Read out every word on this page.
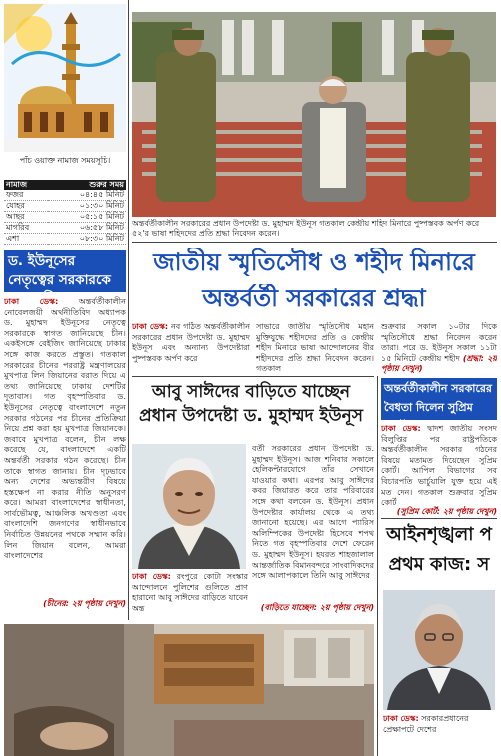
পাঁচ ওয়াক্ত নামাজ সময়সূচি।
নামাজ	শুরুর সময়
ফজর	০৪:৪৫ মিনিট
যোহর	০১:৩০ মিনিট
আছর	০৫:১৫ মিনিট
মাগরিব	০৬:৫৮ মিনিট
এশা	০৮:৩০ মিনিট
ড. ইউনূসের নেতৃত্বের সরকারকে
ঢাকা ডেস্ক: অন্তর্বর্তীকালীন নোবেলজয়ী অর্থনীতিবিদ অধ্যাপক ড. মুহাম্মদ ইউনূসের নেতৃত্বে সরকারকে স্বাগত জানিয়েছে চীন। একইসঙ্গে বেইজিং জানিয়েছে ঢাকার সঙ্গে কাজ করতে প্রস্তুত। গতকাল সরকারের চীনের পররাষ্ট্র মন্ত্রণালয়ের মুখপাত্র লিন জিয়ানের বরাত দিয়ে এ তথ্য জানিয়েছে ঢাকায় দেশটির দূতাবাস। গত বৃহস্পতিবার ড. ইউনূসের নেতৃত্বে বাংলাদেশে নতুন সরকার গঠনের পর চীনের প্রতিক্রিয়া নিয়ে প্রশ্ন করা হয় মুখপাত্র জিয়ানকে। জবাবে মুখপাত্র বলেন, চীন লক্ষ করেছে যে, বাংলাদেশে একটি অন্তর্বর্তী সরকার গঠন করেছে। চীন তাকে স্বাগত জানায়। চীন দৃঢ়ভাবে অন্য দেশের অভ্যন্তরীণ বিষয়ে হস্তক্ষেপ না করার নীতি অনুসরণ করে। আমরা বাংলাদেশের স্বাধীনতা, সার্বভৌমত্ব, আঞ্চলিক অখণ্ডতা এবং বাংলাদেশি জনগণের স্বাধীনভাবে নির্বাচিত উন্নয়নের পথকে সম্মান করি। লিন জিয়ান বলেন, আমরা বাংলাদেশের
(চীনের: ২য় পৃষ্ঠায় দেখুন)
অন্তর্বর্তীকালীন সরকারের প্রধান উপদেষ্টা ড. মুহাম্মদ ইউনূস গতকাল কেন্দ্রীয় শহিদ মিনারে পুষ্পস্তবক অর্পণ করে ৫২'র ভাষা শহিদদের প্রতি শ্রদ্ধা নিবেদন করেন।
জাতীয় স্মৃতিসৌধ ও শহীদ মিনারে
অন্তর্বর্তী সরকারের শ্রদ্ধা
ঢাকা ডেস্ক: নব গঠিত অন্তর্বর্তীকালীন সরকারের প্রধান উপদেষ্টা ড. মুহাম্মদ ইউনূস এবং অন্যান্য উপদেষ্টারা পুষ্পস্তবক অর্পণ করে
সাভারে জাতীয় স্মৃতিসৌধ মহান মুক্তিযুদ্ধে শহীদদের প্রতি ও কেন্দ্রীয় শহীদ মিনারে ভাষা আন্দোলনের বীর শহীদদের প্রতি শ্রদ্ধা নিবেদন করেন। গতকাল
শুক্রবার সকাল ১০টার দিকে স্মৃতিসৌধে শ্রদ্ধা নিবেদন করেন তারা। পরে ড. ইউনূস সকাল ১১টা ১৫ মিনিটে কেন্দ্রীয় শহীদ (শ্রদ্ধা: ২য় পৃষ্ঠায় দেখুন)
আবু সাঈদের বাড়িতে যাচ্ছেন প্রধান উপদেষ্টা ড. মুহাম্মদ ইউনূস
বর্তী সরকারের প্রধান উপদেষ্টা ড. মুহাম্মদ ইউনূস। আজ শনিবার সকালে হেলিকপ্টারযোগে তাঁর সেখানে যাওয়ার কথা। এরপর আবু সাঈদের কবর জিয়ারত করে তার পরিবারের সঙ্গে কথা বলবেন ড. ইউনূস। প্রধান উপদেষ্টার কার্যালয় থেকে এ তথ্য জানানো হয়েছে। এর আগে প্যারিস অলিম্পিকের উপদেষ্টা হিসেবে শপথ নিতে গত বৃহস্পতিবার দেশে ফেরেন ড. মুহাম্মদ ইউনূস। হযরত শাহজালাল আন্তর্জাতিক বিমানবন্দরে সাংবাদিকদের সঙ্গে আলাপকালে তিনি আবু সাঈদের
ঢাকা ডেস্ক: রংপুরে কোটা সংস্কার আন্দোলনে পুলিশের গুলিতে প্রাণ হারানো আবু সাঈদের বাড়িতে যাবেন অন্ত	(বাড়িতে যাচ্ছেন: ২য় পৃষ্ঠায় দেখুন)
অন্তর্বর্তীকালীন সরকারের বৈধতা দিলেন সুপ্রিম
ঢাকা ডেস্ক: দ্বাদশ জাতীয় সংসদ বিলুপ্তির পর রাষ্ট্রপতিকে অন্তর্বর্তীকালীন সরকার গঠনের বিষয়ে মতামত দিয়েছেন সুপ্রিম কোর্ট। আপিল বিভাগের সব বিচারপতি ভার্চুয়ালি যুক্ত হয়ে এই মত দেন। গতকাল শুক্রবার সুপ্রিম কোর্ট
(সুপ্রিম কোর্ট: ২য় পৃষ্ঠায় দেখুন)
আইনশৃঙ্খলা প
প্রথম কাজ: স
ঢাকা ডেস্ক: সরকারপ্রধানের প্রেক্ষাপটে দেশের
